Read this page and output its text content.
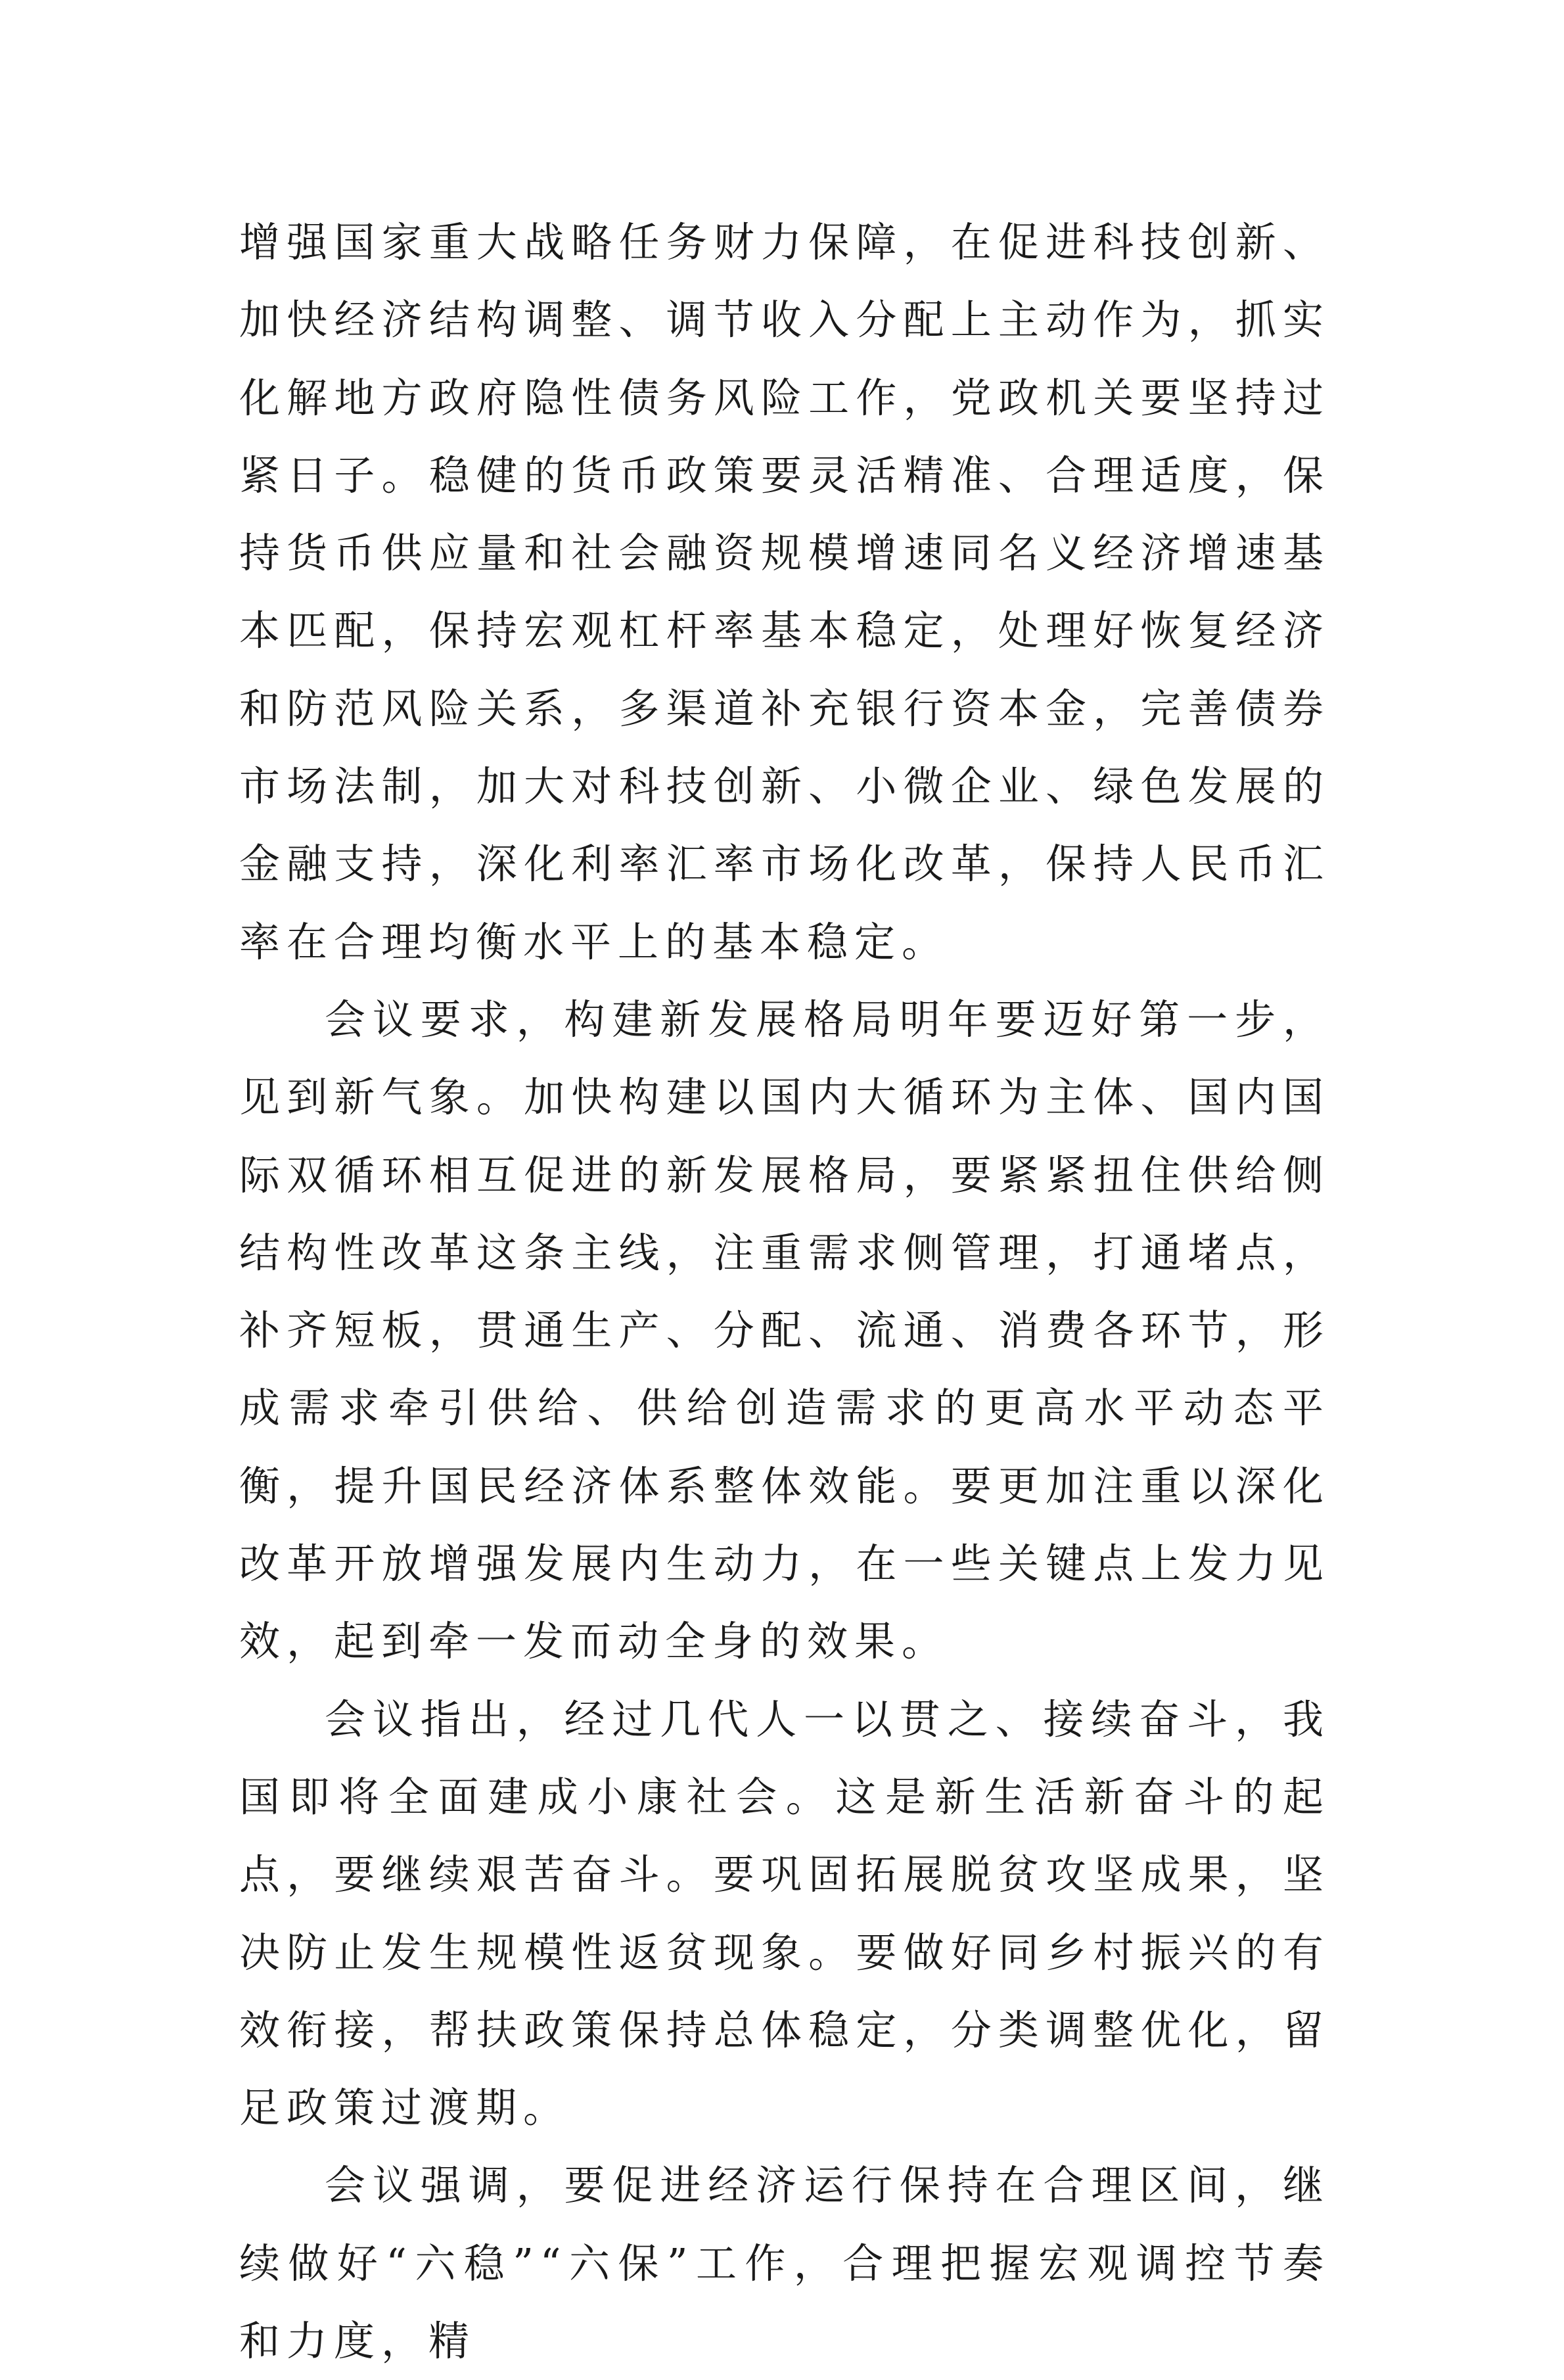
增强国家重大战略任务财力保障，在促进科技创新、加快经济结构调整、调节收入分配上主动作为，抓实化解地方政府隐性债务风险工作，党政机关要坚持过紧日子。稳健的货币政策要灵活精准、合理适度，保持货币供应量和社会融资规模增速同名义经济增速基本匹配，保持宏观杠杆率基本稳定，处理好恢复经济和防范风险关系，多渠道补充银行资本金，完善债券市场法制，加大对科技创新、小微企业、绿色发展的金融支持，深化利率汇率市场化改革，保持人民币汇率在合理均衡水平上的基本稳定。

会议要求，构建新发展格局明年要迈好第一步，见到新气象。加快构建以国内大循环为主体、国内国际双循环相互促进的新发展格局，要紧紧扭住供给侧结构性改革这条主线，注重需求侧管理，打通堵点，补齐短板，贯通生产、分配、流通、消费各环节，形成需求牵引供给、供给创造需求的更高水平动态平衡，提升国民经济体系整体效能。要更加注重以深化改革开放增强发展内生动力，在一些关键点上发力见效，起到牵一发而动全身的效果。

会议指出，经过几代人一以贯之、接续奋斗，我国即将全面建成小康社会。这是新生活新奋斗的起点，要继续艰苦奋斗。要巩固拓展脱贫攻坚成果，坚决防止发生规模性返贫现象。要做好同乡村振兴的有效衔接，帮扶政策保持总体稳定，分类调整优化，留足政策过渡期。

会议强调，要促进经济运行保持在合理区间，继续做好“六稳”“六保”工作，合理把握宏观调控节奏和力度，精
